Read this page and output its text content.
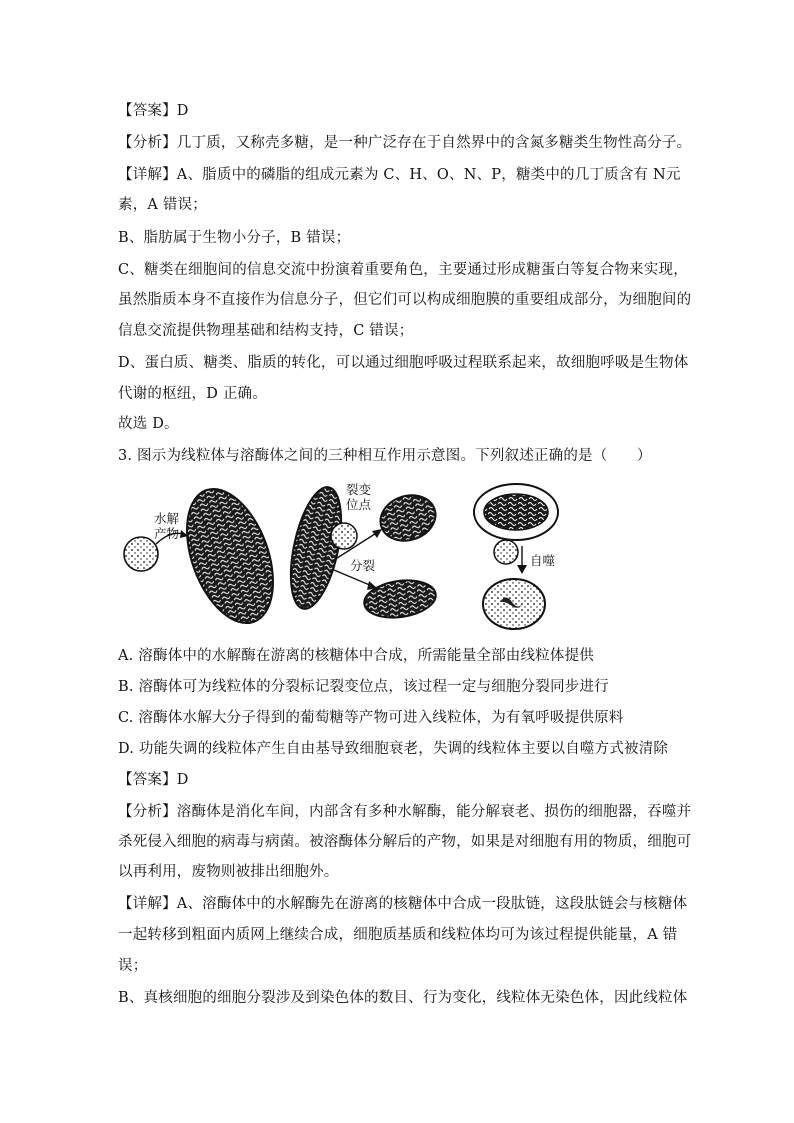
【答案】D
【分析】几丁质，又称壳多糖，是一种广泛存在于自然界中的含氮多糖类生物性高分子。
【详解】A、脂质中的磷脂的组成元素为 C、H、O、N、P，糖类中的几丁质含有 N元
素，A 错误；
B、脂肪属于生物小分子，B 错误；
C、糖类在细胞间的信息交流中扮演着重要角色，主要通过形成糖蛋白等复合物来实现，
虽然脂质本身不直接作为信息分子，但它们可以构成细胞膜的重要组成部分，为细胞间的
信息交流提供物理基础和结构支持，C 错误；
D、蛋白质、糖类、脂质的转化，可以通过细胞呼吸过程联系起来，故细胞呼吸是生物体
代谢的枢纽，D 正确。
故选 D。
3. 图示为线粒体与溶酶体之间的三种相互作用示意图。下列叙述正确的是（　　）
水解
产物
裂变
位点
分裂	自噬
A. 溶酶体中的水解酶在游离的核糖体中合成，所需能量全部由线粒体提供
B. 溶酶体可为线粒体的分裂标记裂变位点，该过程一定与细胞分裂同步进行
C. 溶酶体水解大分子得到的葡萄糖等产物可进入线粒体，为有氧呼吸提供原料
D. 功能失调的线粒体产生自由基导致细胞衰老，失调的线粒体主要以自噬方式被清除
【答案】D
【分析】溶酶体是消化车间，内部含有多种水解酶，能分解衰老、损伤的细胞器，吞噬并
杀死侵入细胞的病毒与病菌。被溶酶体分解后的产物，如果是对细胞有用的物质，细胞可
以再利用，废物则被排出细胞外。
【详解】A、溶酶体中的水解酶先在游离的核糖体中合成一段肽链，这段肽链会与核糖体
一起转移到粗面内质网上继续合成，细胞质基质和线粒体均可为该过程提供能量，A 错
误；
B、真核细胞的细胞分裂涉及到染色体的数目、行为变化，线粒体无染色体，因此线粒体
